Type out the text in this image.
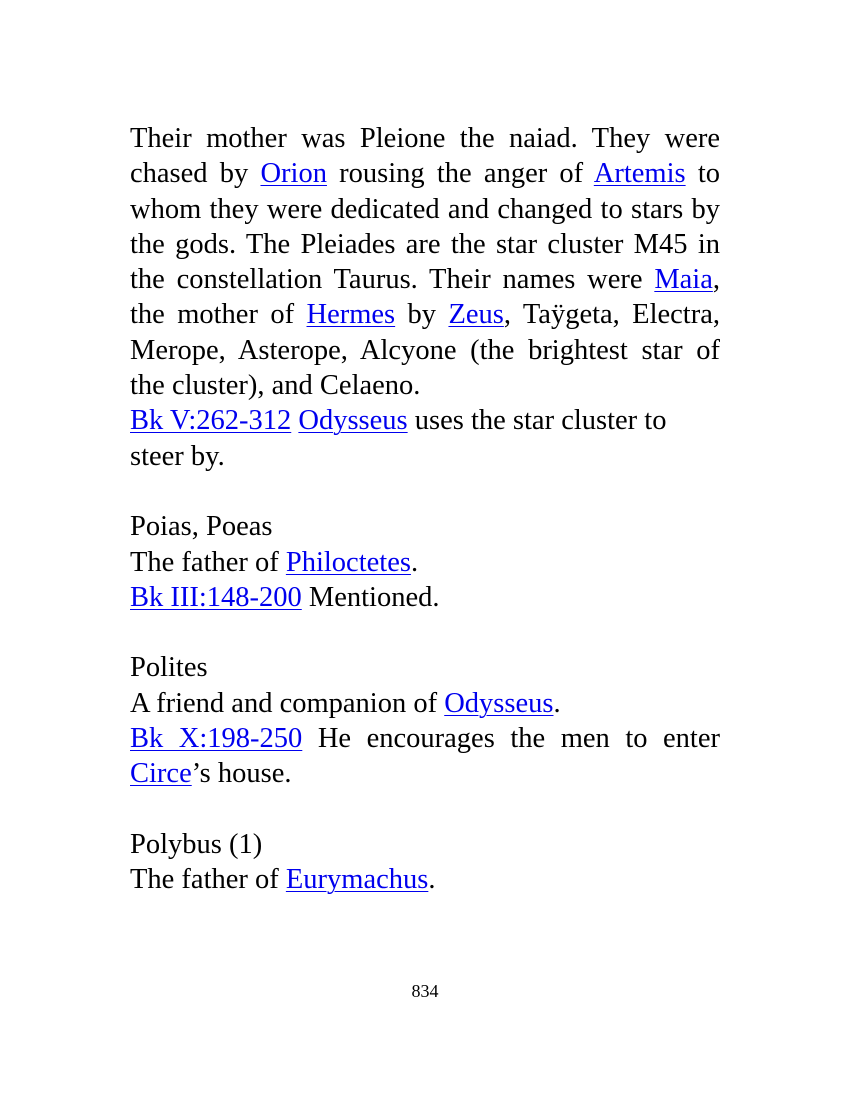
Their mother was Pleione the naiad. They were chased by Orion rousing the anger of Artemis to whom they were dedicated and changed to stars by the gods. The Pleiades are the star cluster M45 in the constellation Taurus. Their names were Maia, the mother of Hermes by Zeus, Taÿgeta, Electra, Merope, Asterope, Alcyone (the brightest star of the cluster), and Celaeno.

Bk V:262-312 Odysseus uses the star cluster to steer by.

Poias, Poeas

The father of Philoctetes.

Bk III:148-200 Mentioned.

Polites

A friend and companion of Odysseus.

Bk X:198-250 He encourages the men to enter Circe’s house.

Polybus (1)

The father of Eurymachus.

834
